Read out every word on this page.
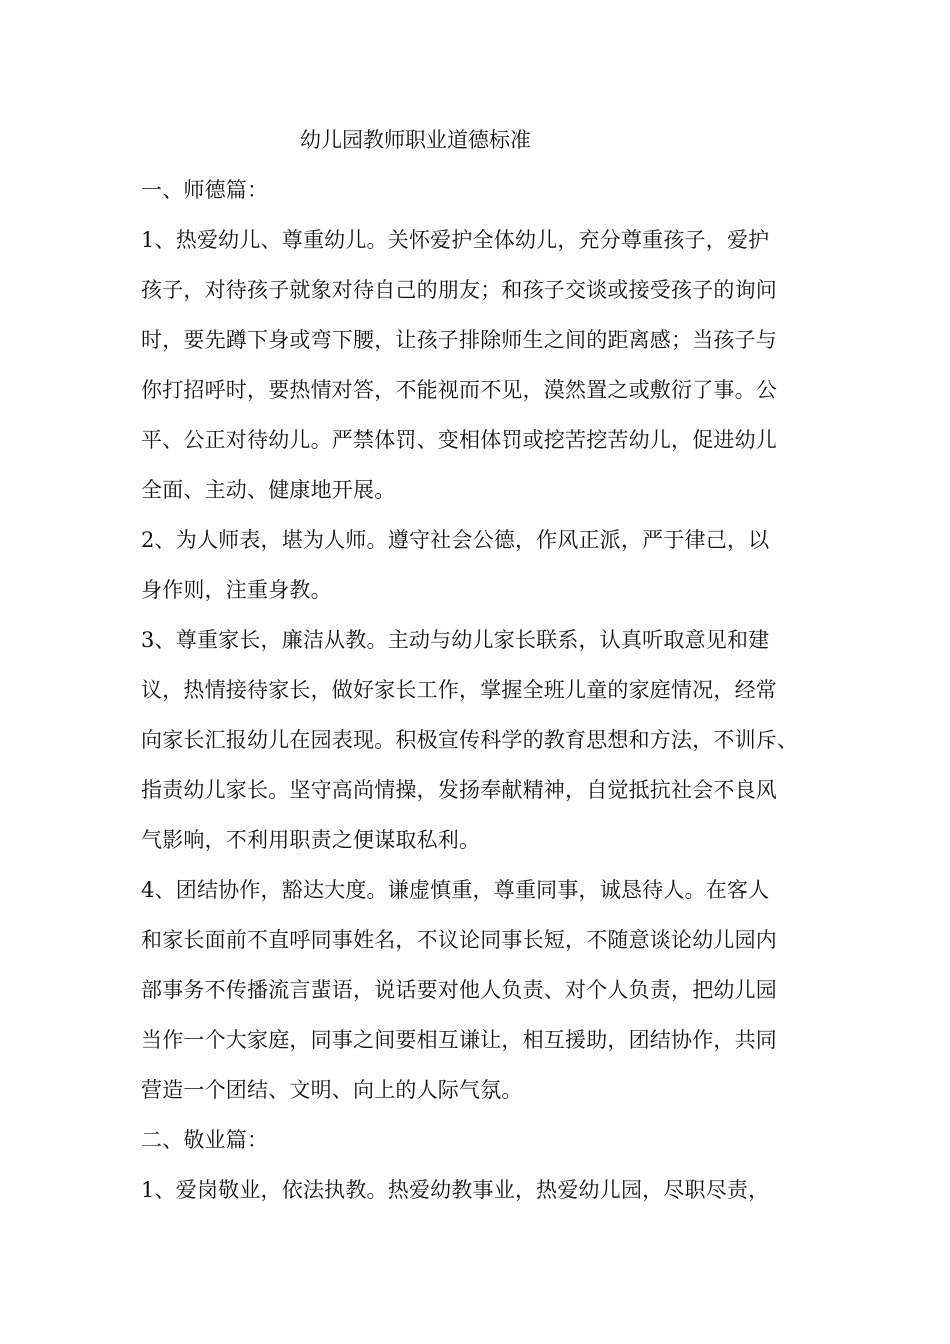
幼儿园教师职业道德标准
一、师德篇：
1、热爱幼儿、尊重幼儿。关怀爱护全体幼儿，充分尊重孩子，爱护
孩子，对待孩子就象对待自己的朋友；和孩子交谈或接受孩子的询问
时，要先蹲下身或弯下腰，让孩子排除师生之间的距离感；当孩子与
你打招呼时，要热情对答，不能视而不见，漠然置之或敷衍了事。公
平、公正对待幼儿。严禁体罚、变相体罚或挖苦挖苦幼儿，促进幼儿
全面、主动、健康地开展。
2、为人师表，堪为人师。遵守社会公德，作风正派，严于律己，以
身作则，注重身教。
3、尊重家长，廉洁从教。主动与幼儿家长联系，认真听取意见和建
议，热情接待家长，做好家长工作，掌握全班儿童的家庭情况，经常
向家长汇报幼儿在园表现。积极宣传科学的教育思想和方法，不训斥、
指责幼儿家长。坚守高尚情操，发扬奉献精神，自觉抵抗社会不良风
气影响，不利用职责之便谋取私利。
4、团结协作，豁达大度。谦虚慎重，尊重同事，诚恳待人。在客人
和家长面前不直呼同事姓名，不议论同事长短，不随意谈论幼儿园内
部事务不传播流言蜚语，说话要对他人负责、对个人负责，把幼儿园
当作一个大家庭，同事之间要相互谦让，相互援助，团结协作，共同
营造一个团结、文明、向上的人际气氛。
二、敬业篇：
1、爱岗敬业，依法执教。热爱幼教事业，热爱幼儿园，尽职尽责，
